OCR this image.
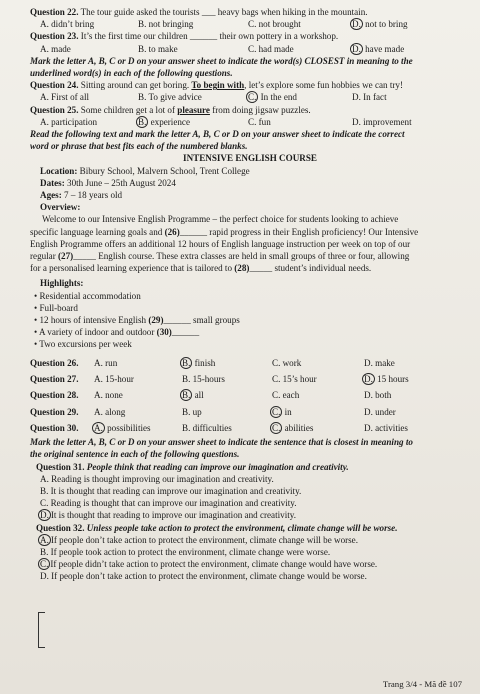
Question 22. The tour guide asked the tourists ___ heavy bags when hiking in the mountain.
A. didn’t bring	B. not bringing	C. not brought	D. not to bring
Question 23. It’s the first time our children ______ their own pottery in a workshop.
A. made	B. to make	C. had made	D. have made
Mark the letter A, B, C or D on your answer sheet to indicate the word(s) CLOSEST in meaning to the
underlined word(s) in each of the following questions.
Question 24. Sitting around can get boring. To begin with, let’s explore some fun hobbies we can try!
A. First of all	B. To give advice	C. In the end	D. In fact
Question 25. Some children get a lot of pleasure from doing jigsaw puzzles.
A. participation	B. experience	C. fun	D. improvement
Read the following text and mark the letter A, B, C or D on your answer sheet to indicate the correct
word or phrase that best fits each of the numbered blanks.
INTENSIVE ENGLISH COURSE
Location: Bibury School, Malvern School, Trent College
Dates: 30th June – 25th August 2024
Ages: 7 – 18 years old
Overview:
Welcome to our Intensive English Programme – the perfect choice for students looking to achieve
specific language learning goals and (26)______ rapid progress in their English proficiency! Our Intensive
English Programme offers an additional 12 hours of English language instruction per week on top of our
regular (27)_____ English course. These extra classes are held in small groups of three or four, allowing
for a personalised learning experience that is tailored to (28)_____ student’s individual needs.
Highlights:
• Residential accommodation
• Full-board
• 12 hours of intensive English (29)______ small groups
• A variety of indoor and outdoor (30)______
• Two excursions per week
Question 26.	A. run	B. finish	C. work	D. make
Question 27.	A. 15-hour	B. 15-hours	C. 15’s hour	D. 15 hours
Question 28.	A. none	B. all	C. each	D. both
Question 29.	A. along	B. up	C. in	D. under
Question 30.	A. possibilities	B. difficulties	C. abilities	D. activities
Mark the letter A, B, C or D on your answer sheet to indicate the sentence that is closest in meaning to
the original sentence in each of the following questions.
Question 31. People think that reading can improve our imagination and creativity.
A. Reading is thought improving our imagination and creativity.
B. It is thought that reading can improve our imagination and creativity.
C. Reading is thought that can improve our imagination and creativity.
D. It is thought that reading to improve our imagination and creativity.
Question 32. Unless people take action to protect the environment, climate change will be worse.
A. If people don’t take action to protect the environment, climate change will be worse.
B. If people took action to protect the environment, climate change were worse.
C. If people didn’t take action to protect the environment, climate change would have worse.
D. If people don’t take action to protect the environment, climate change would be worse.
Trang 3/4 - Mã đề 107
